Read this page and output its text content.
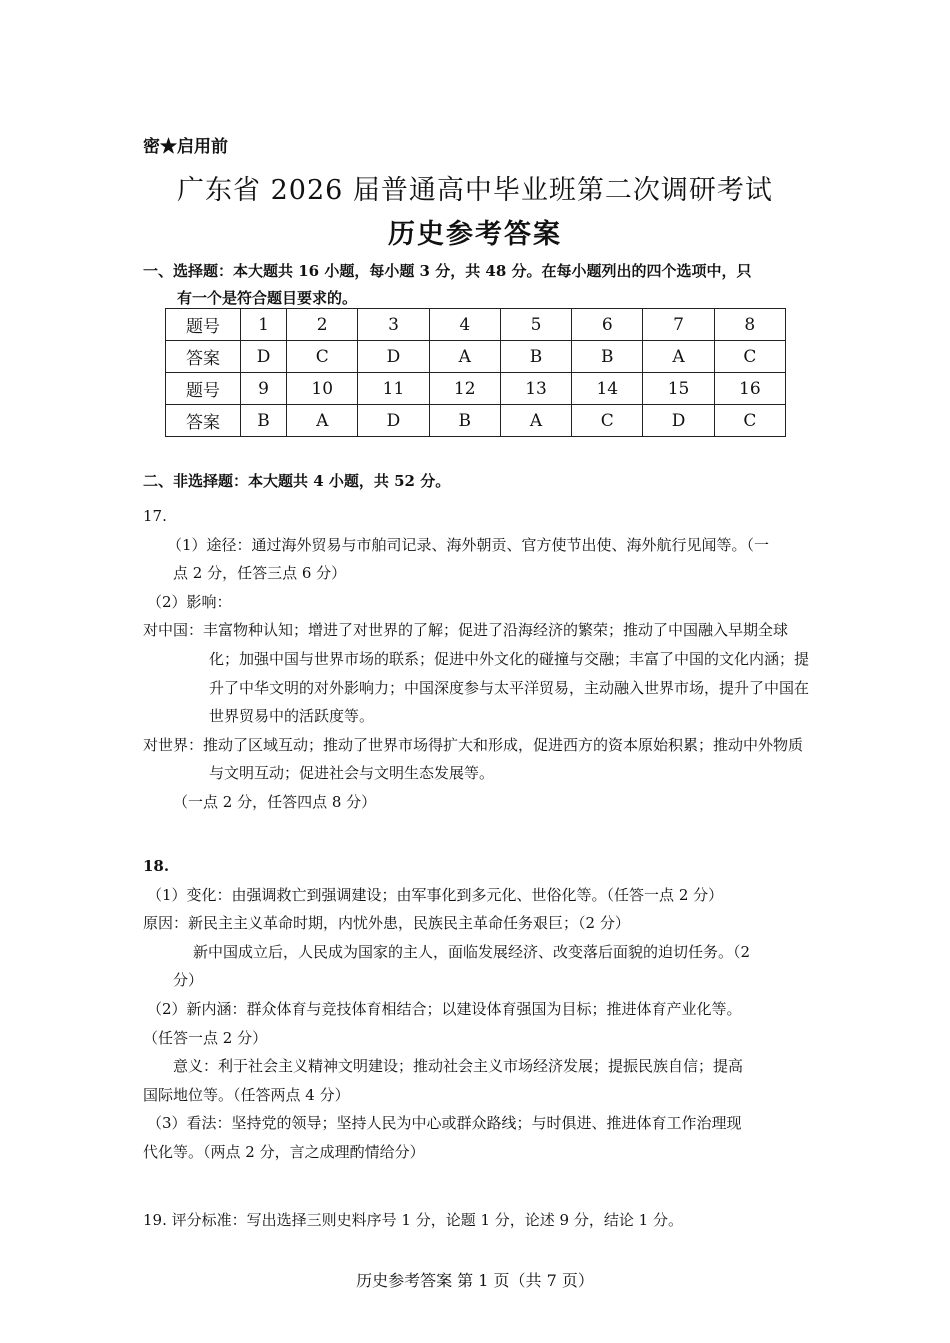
密★启用前
广东省 2026 届普通高中毕业班第二次调研考试
历史参考答案
一、选择题：本大题共 16 小题，每小题 3 分，共 48 分。在每小题列出的四个选项中，只
有一个是符合题目要求的。
题号	1	2	3	4	5	6	7	8
答案	D	C	D	A	B	B	A	C
题号	9	10	11	12	13	14	15	16
答案	B	A	D	B	A	C	D	C
二、非选择题：本大题共 4 小题，共 52 分。

17.

（1）途径：通过海外贸易与市舶司记录、海外朝贡、官方使节出使、海外航行见闻等。（一

点 2 分，任答三点 6 分）

（2）影响：

对中国：丰富物种认知；增进了对世界的了解；促进了沿海经济的繁荣；推动了中国融入早期全球化；加强中国与世界市场的联系；促进中外文化的碰撞与交融；丰富了中国的文化内涵；提升了中华文明的对外影响力；中国深度参与太平洋贸易，主动融入世界市场，提升了中国在世界贸易中的活跃度等。

对世界：推动了区域互动；推动了世界市场得扩大和形成，促进西方的资本原始积累；推动中外物质与文明互动；促进社会与文明生态发展等。

（一点 2 分，任答四点 8 分）

18.

（1）变化：由强调救亡到强调建设；由军事化到多元化、世俗化等。（任答一点 2 分）

原因：新民主主义革命时期，内忧外患，民族民主革命任务艰巨；（2 分）

新中国成立后，人民成为国家的主人，面临发展经济、改变落后面貌的迫切任务。（2

分）

（2）新内涵：群众体育与竞技体育相结合；以建设体育强国为目标；推进体育产业化等。

（任答一点 2 分）

意义：利于社会主义精神文明建设；推动社会主义市场经济发展；提振民族自信；提高

国际地位等。（任答两点 4 分）

（3）看法：坚持党的领导；坚持人民为中心或群众路线；与时俱进、推进体育工作治理现

代化等。（两点 2 分，言之成理酌情给分）

19. 评分标准：写出选择三则史料序号 1 分，论题 1 分，论述 9 分，结论 1 分。
历史参考答案 第 1 页（共 7 页）
